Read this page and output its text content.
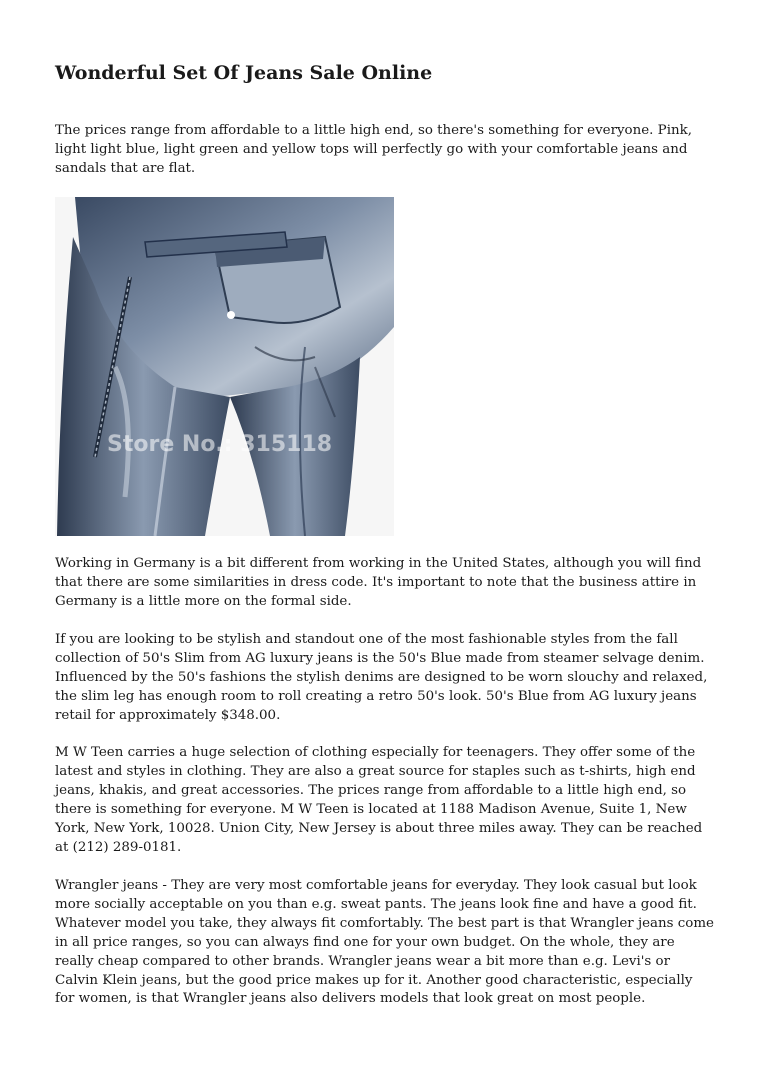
Wonderful Set Of Jeans Sale Online

The prices range from affordable to a little high end, so there's something for everyone. Pink, light light blue, light green and yellow tops will perfectly go with your comfortable jeans and sandals that are flat.

Store No.: 315118

Working in Germany is a bit different from working in the United States, although you will find that there are some similarities in dress code. It's important to note that the business attire in Germany is a little more on the formal side.

If you are looking to be stylish and standout one of the most fashionable styles from the fall collection of 50's Slim from AG luxury jeans is the 50's Blue made from steamer selvage denim. Influenced by the 50's fashions the stylish denims are designed to be worn slouchy and relaxed, the slim leg has enough room to roll creating a retro 50's look. 50's Blue from AG luxury jeans retail for approximately $348.00.

M W Teen carries a huge selection of clothing especially for teenagers. They offer some of the latest and styles in clothing. They are also a great source for staples such as t-shirts, high end jeans, khakis, and great accessories. The prices range from affordable to a little high end, so there is something for everyone. M W Teen is located at 1188 Madison Avenue, Suite 1, New York, New York, 10028. Union City, New Jersey is about three miles away. They can be reached at (212) 289-0181.

Wrangler jeans - They are very most comfortable jeans for everyday. They look casual but look more socially acceptable on you than e.g. sweat pants. The jeans look fine and have a good fit. Whatever model you take, they always fit comfortably. The best part is that Wrangler jeans come in all price ranges, so you can always find one for your own budget. On the whole, they are really cheap compared to other brands. Wrangler jeans wear a bit more than e.g. Levi's or Calvin Klein jeans, but the good price makes up for it. Another good characteristic, especially for women, is that Wrangler jeans also delivers models that look great on most people.
